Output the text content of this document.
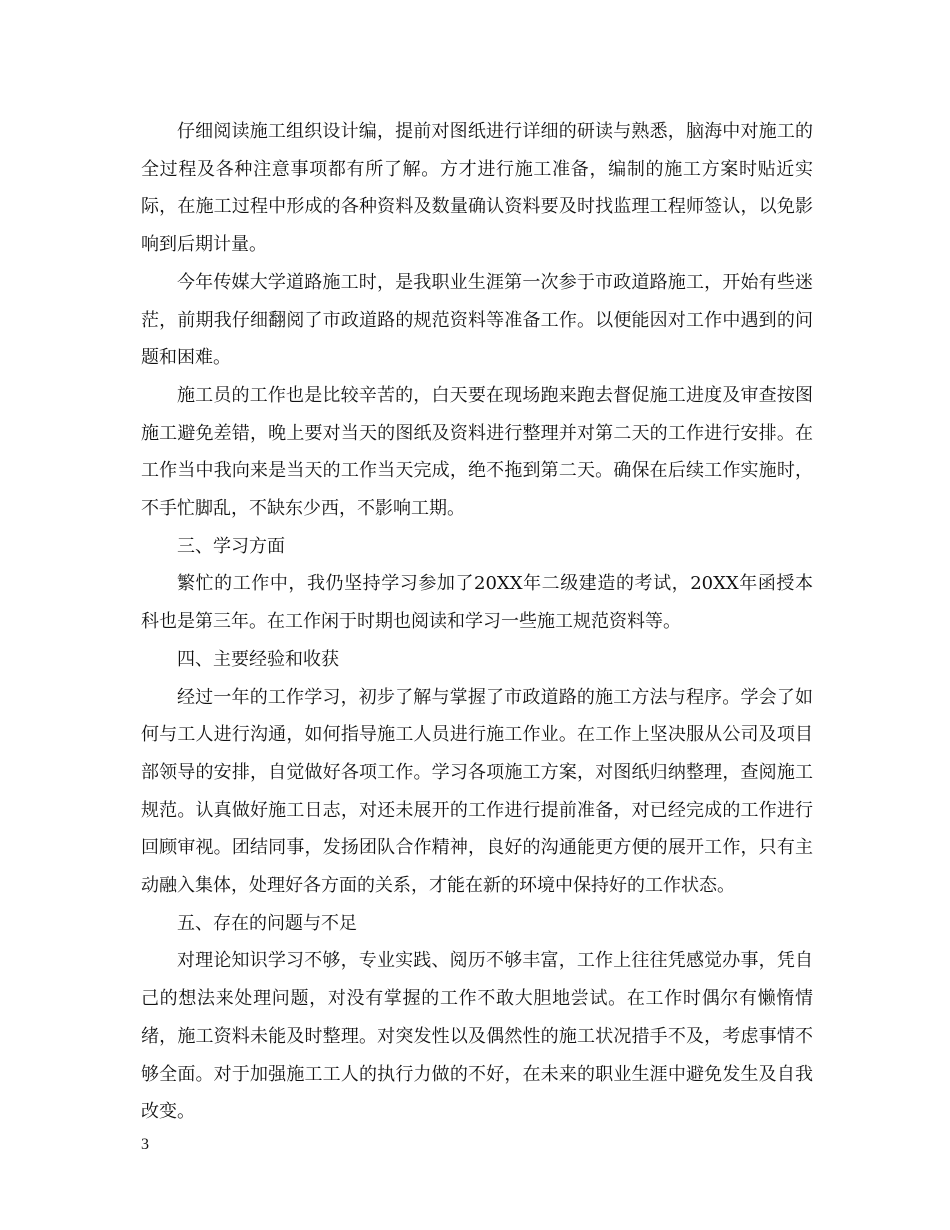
仔细阅读施工组织设计编，提前对图纸进行详细的研读与熟悉，脑海中对施工的全过程及各种注意事项都有所了解。方才进行施工准备，编制的施工方案时贴近实际，在施工过程中形成的各种资料及数量确认资料要及时找监理工程师签认，以免影响到后期计量。

今年传媒大学道路施工时，是我职业生涯第一次参于市政道路施工，开始有些迷茫，前期我仔细翻阅了市政道路的规范资料等准备工作。以便能因对工作中遇到的问题和困难。

施工员的工作也是比较辛苦的，白天要在现场跑来跑去督促施工进度及审查按图施工避免差错，晚上要对当天的图纸及资料进行整理并对第二天的工作进行安排。在工作当中我向来是当天的工作当天完成，绝不拖到第二天。确保在后续工作实施时，不手忙脚乱，不缺东少西，不影响工期。

三、学习方面

繁忙的工作中，我仍坚持学习参加了20XX年二级建造的考试，20XX年函授本科也是第三年。在工作闲于时期也阅读和学习一些施工规范资料等。

四、主要经验和收获

经过一年的工作学习，初步了解与掌握了市政道路的施工方法与程序。学会了如何与工人进行沟通，如何指导施工人员进行施工作业。在工作上坚决服从公司及项目部领导的安排，自觉做好各项工作。学习各项施工方案，对图纸归纳整理，查阅施工规范。认真做好施工日志，对还未展开的工作进行提前准备，对已经完成的工作进行回顾审视。团结同事，发扬团队合作精神，良好的沟通能更方便的展开工作，只有主动融入集体，处理好各方面的关系，才能在新的环境中保持好的工作状态。

五、存在的问题与不足

对理论知识学习不够，专业实践、阅历不够丰富，工作上往往凭感觉办事，凭自己的想法来处理问题，对没有掌握的工作不敢大胆地尝试。在工作时偶尔有懒惰情绪，施工资料未能及时整理。对突发性以及偶然性的施工状况措手不及，考虑事情不够全面。对于加强施工工人的执行力做的不好，在未来的职业生涯中避免发生及自我改变。

3
